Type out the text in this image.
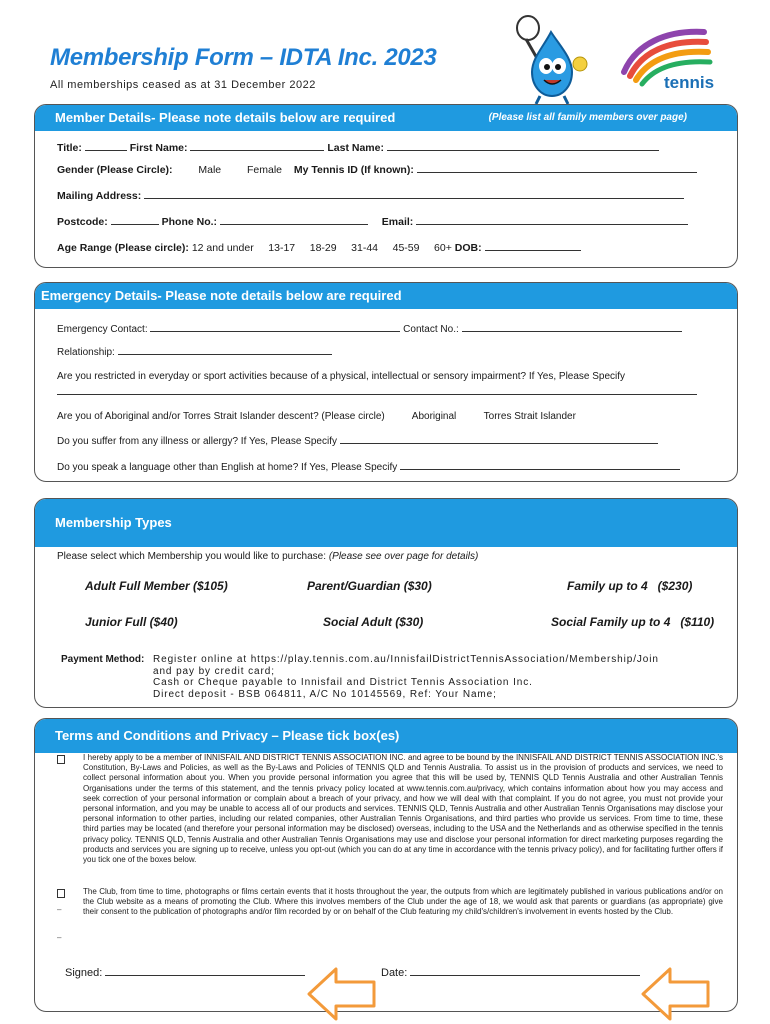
Membership Form – IDTA Inc. 2023
All memberships ceased as at 31 December 2022	tennis
Member Details- Please note details below are required	(Please list all family members over page)
Title:	First Name:	Last Name:
Gender (Please Circle): Male Female My Tennis ID (If known):
Mailing Address:
Postcode:	Phone No.:	Email:
Age Range (Please circle): 12 and under     13-17     18-29     31-44     45-59     60+ DOB:
Emergency Details- Please note details below are required
Emergency Contact:	Contact No.:
Relationship:
Are you restricted in everyday or sport activities because of a physical, intellectual or sensory impairment? If Yes, Please Specify
Are you of Aboriginal and/or Torres Strait Islander descent? (Please circle)	Aboriginal	Torres Strait Islander
Do you suffer from any illness or allergy? If Yes, Please Specify
Do you speak a language other than English at home? If Yes, Please Specify
Membership Types
Please select which Membership you would like to purchase: (Please see over page for details)
Adult Full Member ($105)	Parent/Guardian ($30)	Family up to 4   ($230)
Junior Full ($40)	Social Adult ($30)	Social Family up to 4   ($110)
Payment Method: Register online at https://play.tennis.com.au/InnisfailDistrictTennisAssociation/Membership/Join
and pay by credit card;
Cash or Cheque payable to Innisfail and District Tennis Association Inc.
Direct deposit - BSB 064811, A/C No 10145569, Ref: Your Name;
Terms and Conditions and Privacy – Please tick box(es)
I hereby apply to be a member of INNISFAIL AND DISTRICT TENNIS ASSOCIATION INC. and agree to be bound by the INNISFAIL AND DISTRICT TENNIS ASSOCIATION INC.'s Constitution, By-Laws and Policies, as well as the By-Laws and Policies of TENNIS QLD and Tennis Australia. To assist us in the provision of products and services, we need to collect personal information about you. When you provide personal information you agree that this will be used by, TENNIS QLD Tennis Australia and other Australian Tennis Organisations under the terms of this statement, and the tennis privacy policy located at www.tennis.com.au/privacy, which contains information about how you may access and seek correction of your personal information or complain about a breach of your privacy, and how we will deal with that complaint. If you do not agree, you must not provide your personal information, and you may be unable to access all of our products and services. TENNIS QLD, Tennis Australia and other Australian Tennis Organisations may disclose your personal information to other parties, including our related companies, other Australian Tennis Organisations, and third parties who provide us services. From time to time, these third parties may be located (and therefore your personal information may be disclosed) overseas, including to the USA and the Netherlands and as otherwise specified in the tennis privacy policy. TENNIS QLD, Tennis Australia and other Australian Tennis Organisations may use and disclose your personal information for direct marketing purposes regarding the products and services you are signing up to receive, unless you opt-out (which you can do at any time in accordance with the tennis privacy policy), and for facilitating further offers if you tick one of the boxes below.
–
The Club, from time to time, photographs or films certain events that it hosts throughout the year, the outputs from which are legitimately published in various publications and/or on the Club website as a means of promoting the Club. Where this involves members of the Club under the age of 18, we would ask that parents or guardians (as appropriate) give their consent to the publication of photographs and/or film recorded by or on behalf of the Club featuring my child's/children's involvement in events hosted by the Club.
–
Signed:	Date:
